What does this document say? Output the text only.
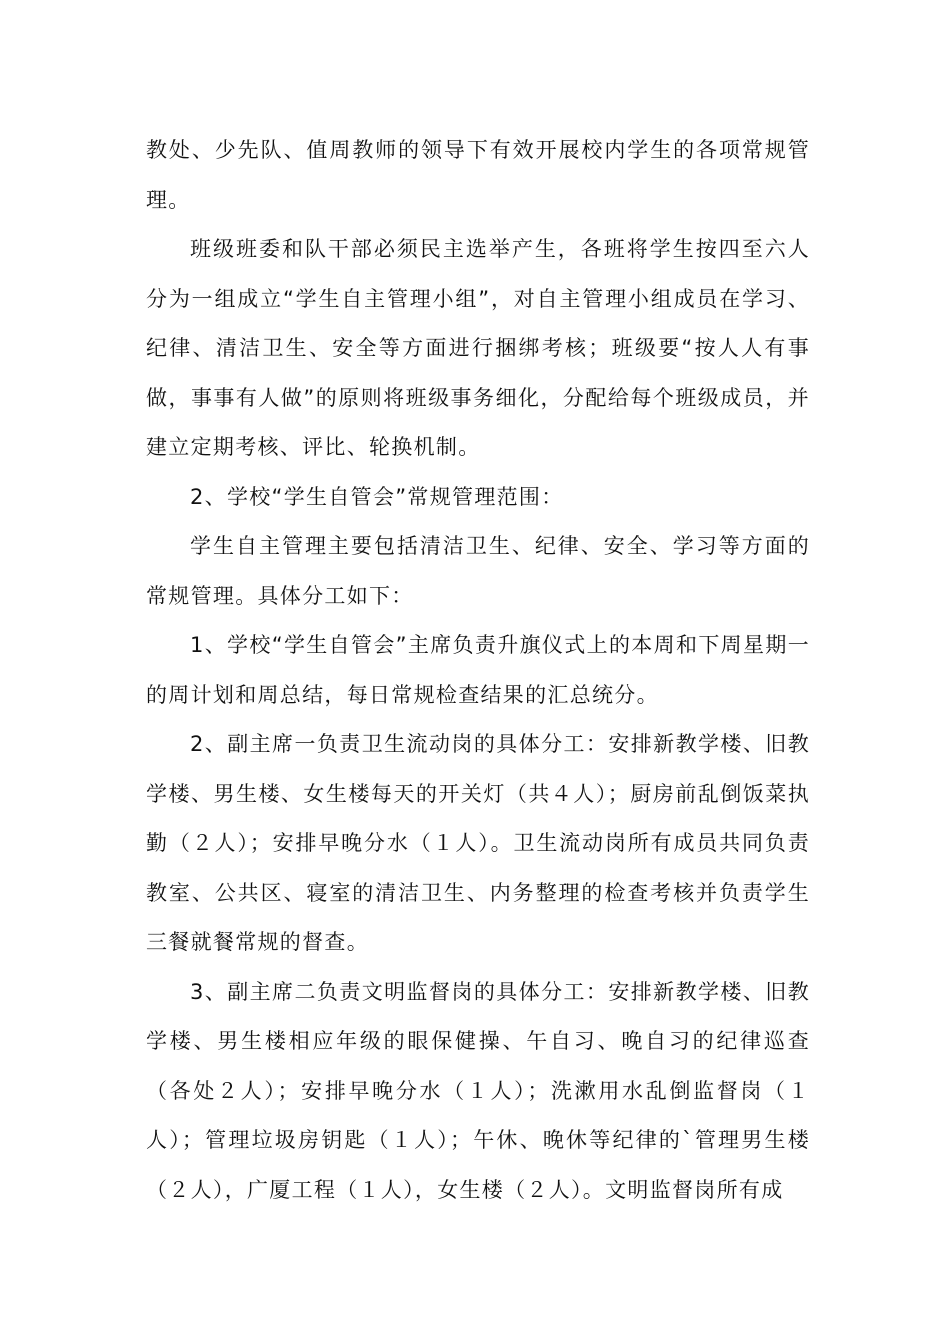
教处、少先队、值周教师的领导下有效开展校内学生的各项常规管理。

班级班委和队干部必须民主选举产生，各班将学生按四至六人分为一组成立“学生自主管理小组”，对自主管理小组成员在学习、纪律、清洁卫生、安全等方面进行捆绑考核；班级要“按人人有事做，事事有人做”的原则将班级事务细化，分配给每个班级成员，并建立定期考核、评比、轮换机制。

2、学校“学生自管会”常规管理范围：

学生自主管理主要包括清洁卫生、纪律、安全、学习等方面的常规管理。具体分工如下：

1、学校“学生自管会”主席负责升旗仪式上的本周和下周星期一的周计划和周总结，每日常规检查结果的汇总统分。

2、副主席一负责卫生流动岗的具体分工：安排新教学楼、旧教学楼、男生楼、女生楼每天的开关灯（共４人）；厨房前乱倒饭菜执勤（２人）；安排早晚分水（１人）。卫生流动岗所有成员共同负责教室、公共区、寝室的清洁卫生、内务整理的检查考核并负责学生三餐就餐常规的督查。

3、副主席二负责文明监督岗的具体分工：安排新教学楼、旧教学楼、男生楼相应年级的眼保健操、午自习、晚自习的纪律巡查（各处２人）；安排早晚分水（１人）；洗漱用水乱倒监督岗（１人）；管理垃圾房钥匙（１人）；午休、晚休等纪律的`管理男生楼（２人），广厦工程（１人），女生楼（２人）。文明监督岗所有成
